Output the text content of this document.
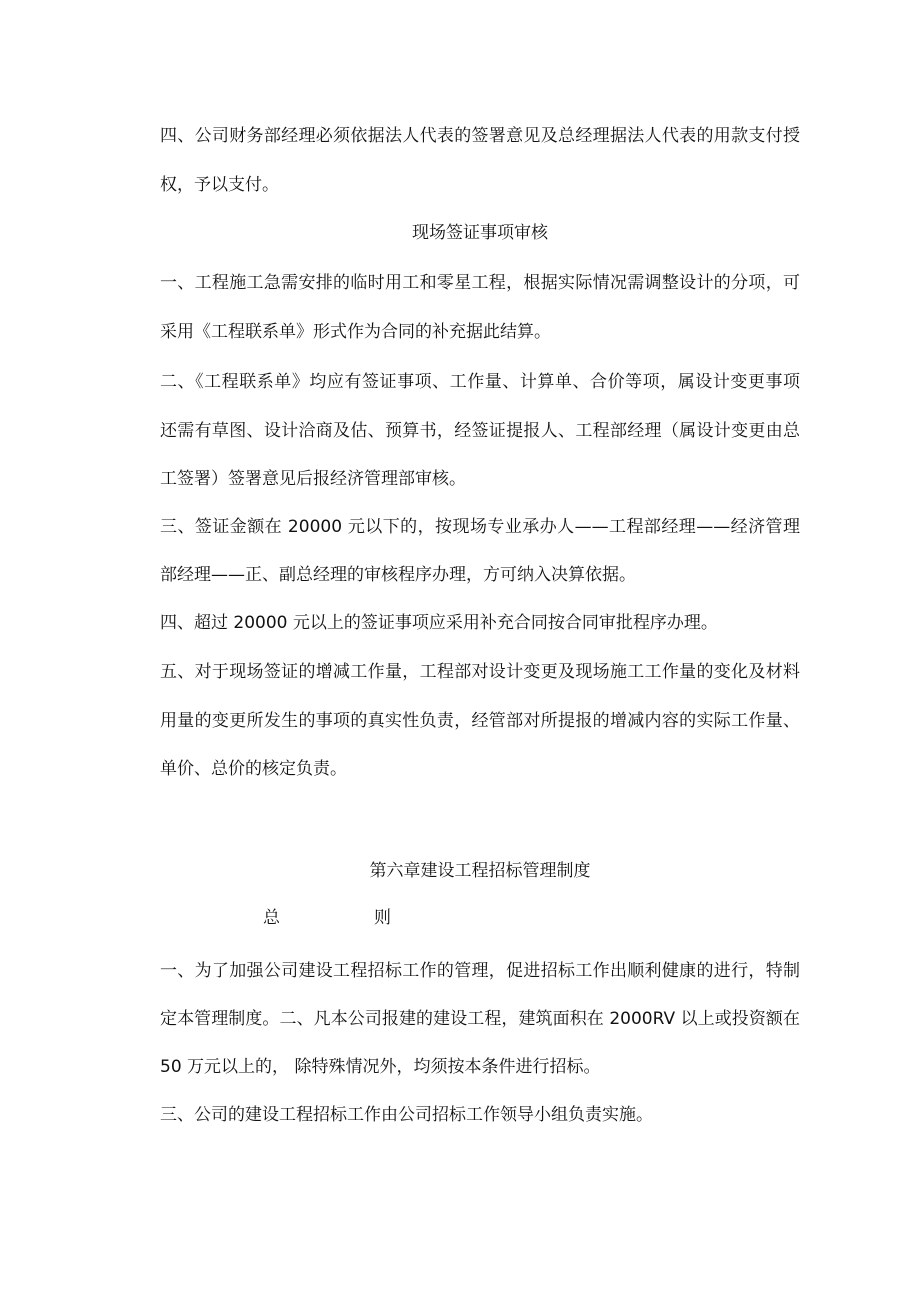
四、公司财务部经理必须依据法人代表的签署意见及总经理据法人代表的用款支付授

权，予以支付。

现场签证事项审核

一、工程施工急需安排的临时用工和零星工程，根据实际情况需调整设计的分项，可

采用《工程联系单》形式作为合同的补充据此结算。

二、《工程联系单》均应有签证事项、工作量、计算单、合价等项，属设计变更事项

还需有草图、设计洽商及估、预算书，经签证提报人、工程部经理（属设计变更由总

工签署）签署意见后报经济管理部审核。

三、签证金额在 20000 元以下的，按现场专业承办人——工程部经理——经济管理

部经理——正、副总经理的审核程序办理，方可纳入决算依据。

四、超过 20000 元以上的签证事项应采用补充合同按合同审批程序办理。

五、对于现场签证的增减工作量，工程部对设计变更及现场施工工作量的变化及材料

用量的变更所发生的事项的真实性负责，经管部对所提报的增减内容的实际工作量、

单价、总价的核定负责。

第六章建设工程招标管理制度

总	则

一、为了加强公司建设工程招标工作的管理，促进招标工作出顺利健康的进行，特制

定本管理制度。二、凡本公司报建的建设工程，建筑面积在 2000RV 以上或投资额在

50 万元以上的， 除特殊情况外，均须按本条件进行招标。

三、公司的建设工程招标工作由公司招标工作领导小组负责实施。
